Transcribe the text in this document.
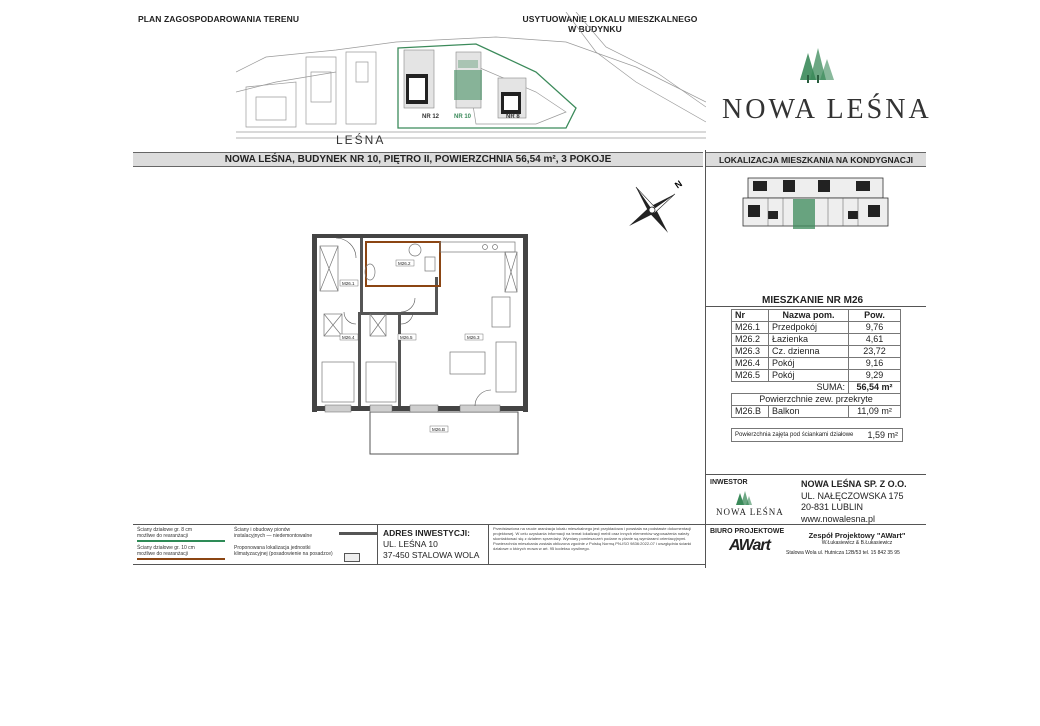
PLAN ZAGOSPODAROWANIA TERENU	USYTUOWANIE LOKALU MIESZKALNEGO
W BUDYNKU
NR 12 NR 10	NR 8
LEŚNA
NOWA LEŚNA
NOWA LEŚNA, BUDYNEK NR 10, PIĘTRO II, POWIERZCHNIA 56,54 m², 3 POKOJE	LOKALIZACJA MIESZKANIA NA KONDYGNACJI
N
M26.1
M26.2
M26.3
M26.4	M26.5
M26.B
MIESZKANIE NR M26
Nr	Nazwa pom.	Pow.
M26.1	Przedpokój	9,76
M26.2	Łazienka	4,61
M26.3	Cz. dzienna	23,72
M26.4	Pokój	9,16
M26.5	Pokój	9,29
SUMA:		56,54 m²
Powierzchnie zew. przekryte		
M26.B	Balkon	11,09 m²
Powierzchnia zajęta pod ściankami działowe 1,59 m²
INWESTOR
NOWA LEŚNA
NOWA LEŚNA SP. Z O.O.
UL. NAŁĘCZOWSKA 175
20-831 LUBLIN
www.nowalesna.pl
BIURO PROJEKTOWE
AWart
Zespół Projektowy "AWart"
W.Łukasiewicz & B.Łukasiewicz
Stalowa Wola ul. Hutnicza 12B/53 tel. 15 842 35 95
Ściany działowe gr. 8 cm
możliwe do rearanżacji
Ściany działowe gr. 10 cm
możliwe do rearanżacji
Ściany i obudowy pionów
instalacyjnych — niedemontowalne
Proponowana lokalizacja jednostki
klimatyzacyjnej (posadowienie na posadzce)
ADRES INWESTYCJI:
UL. LEŚNA 10
37-450 STALOWA WOLA
Przedstawiona na rzucie aranżacja lokalu mieszkalnego jest przykładowa i powstała na podstawie dokumentacji projektowej. W celu uzyskania informacji na temat lokalizacji mebli oraz innych elementów wyposażenia należy skontaktować się z działem sprzedaży. Wymiary pomieszczeń podane w planie są wymiarami orientacyjnymi. Powierzchnia mieszkania została obliczona zgodnie z Polską Normą PN-ISO 9836:2022-07 i uwzględnia ścianki działowe o których mowa w art. 95 kodeksu cywilnego.
